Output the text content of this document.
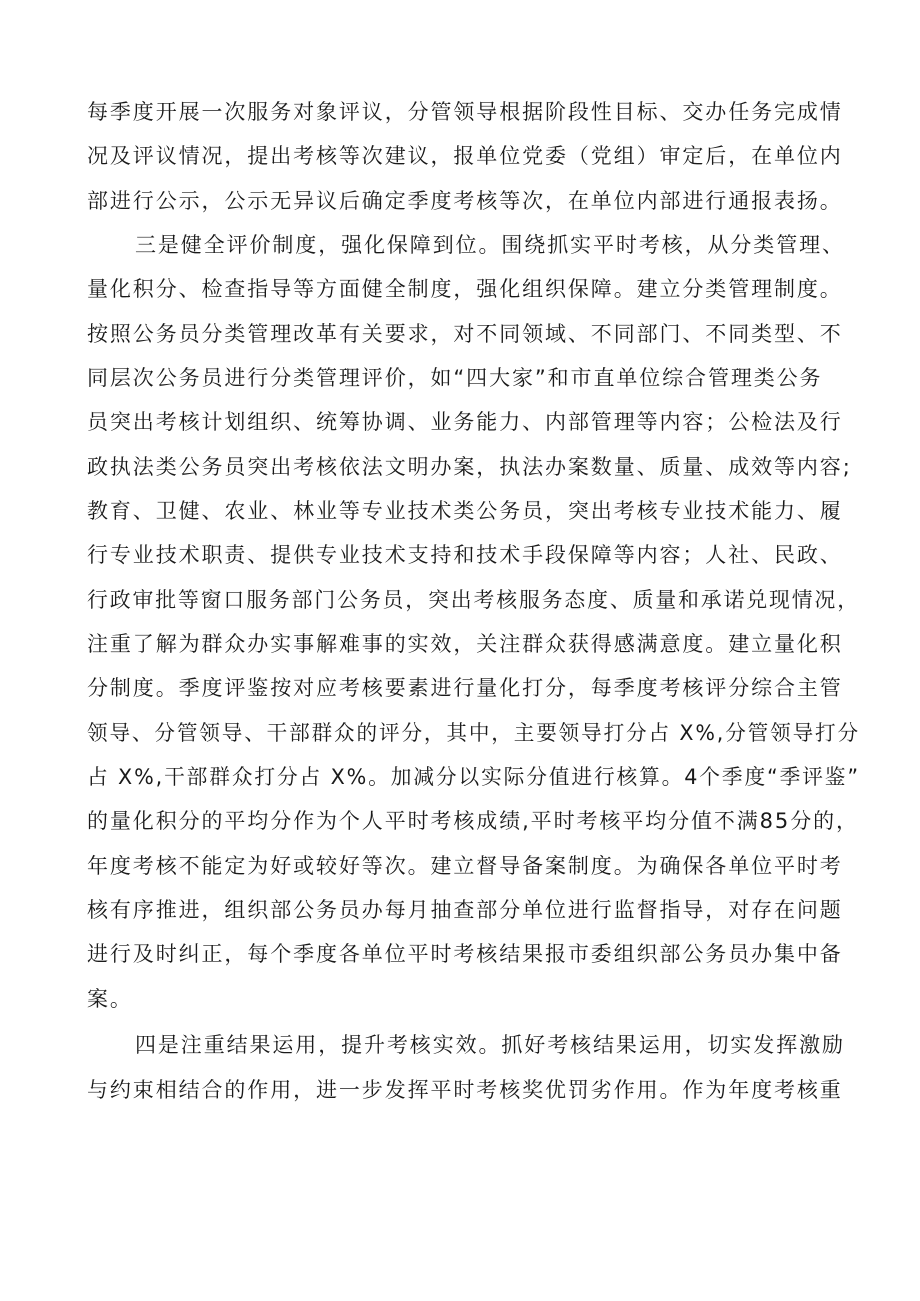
每季度开展一次服务对象评议，分管领导根据阶段性目标、交办任务完成情
况及评议情况，提出考核等次建议，报单位党委（党组）审定后，在单位内
部进行公示，公示无异议后确定季度考核等次，在单位内部进行通报表扬。
三是健全评价制度，强化保障到位。围绕抓实平时考核，从分类管理、
量化积分、检查指导等方面健全制度，强化组织保障。建立分类管理制度。
按照公务员分类管理改革有关要求，对不同领域、不同部门、不同类型、不
同层次公务员进行分类管理评价，如“四大家”和市直单位综合管理类公务
员突出考核计划组织、统筹协调、业务能力、内部管理等内容；公检法及行
政执法类公务员突出考核依法文明办案，执法办案数量、质量、成效等内容;
教育、卫健、农业、林业等专业技术类公务员，突出考核专业技术能力、履
行专业技术职责、提供专业技术支持和技术手段保障等内容；人社、民政、
行政审批等窗口服务部门公务员，突出考核服务态度、质量和承诺兑现情况，
注重了解为群众办实事解难事的实效，关注群众获得感满意度。建立量化积
分制度。季度评鉴按对应考核要素进行量化打分，每季度考核评分综合主管
领导、分管领导、干部群众的评分，其中，主要领导打分占 X%,分管领导打分
占 X%,干部群众打分占 X%。加减分以实际分值进行核算。4个季度“季评鉴”
的量化积分的平均分作为个人平时考核成绩,平时考核平均分值不满85分的，
年度考核不能定为好或较好等次。建立督导备案制度。为确保各单位平时考
核有序推进，组织部公务员办每月抽查部分单位进行监督指导，对存在问题
进行及时纠正，每个季度各单位平时考核结果报市委组织部公务员办集中备
案。
四是注重结果运用，提升考核实效。抓好考核结果运用，切实发挥激励
与约束相结合的作用，进一步发挥平时考核奖优罚劣作用。作为年度考核重
